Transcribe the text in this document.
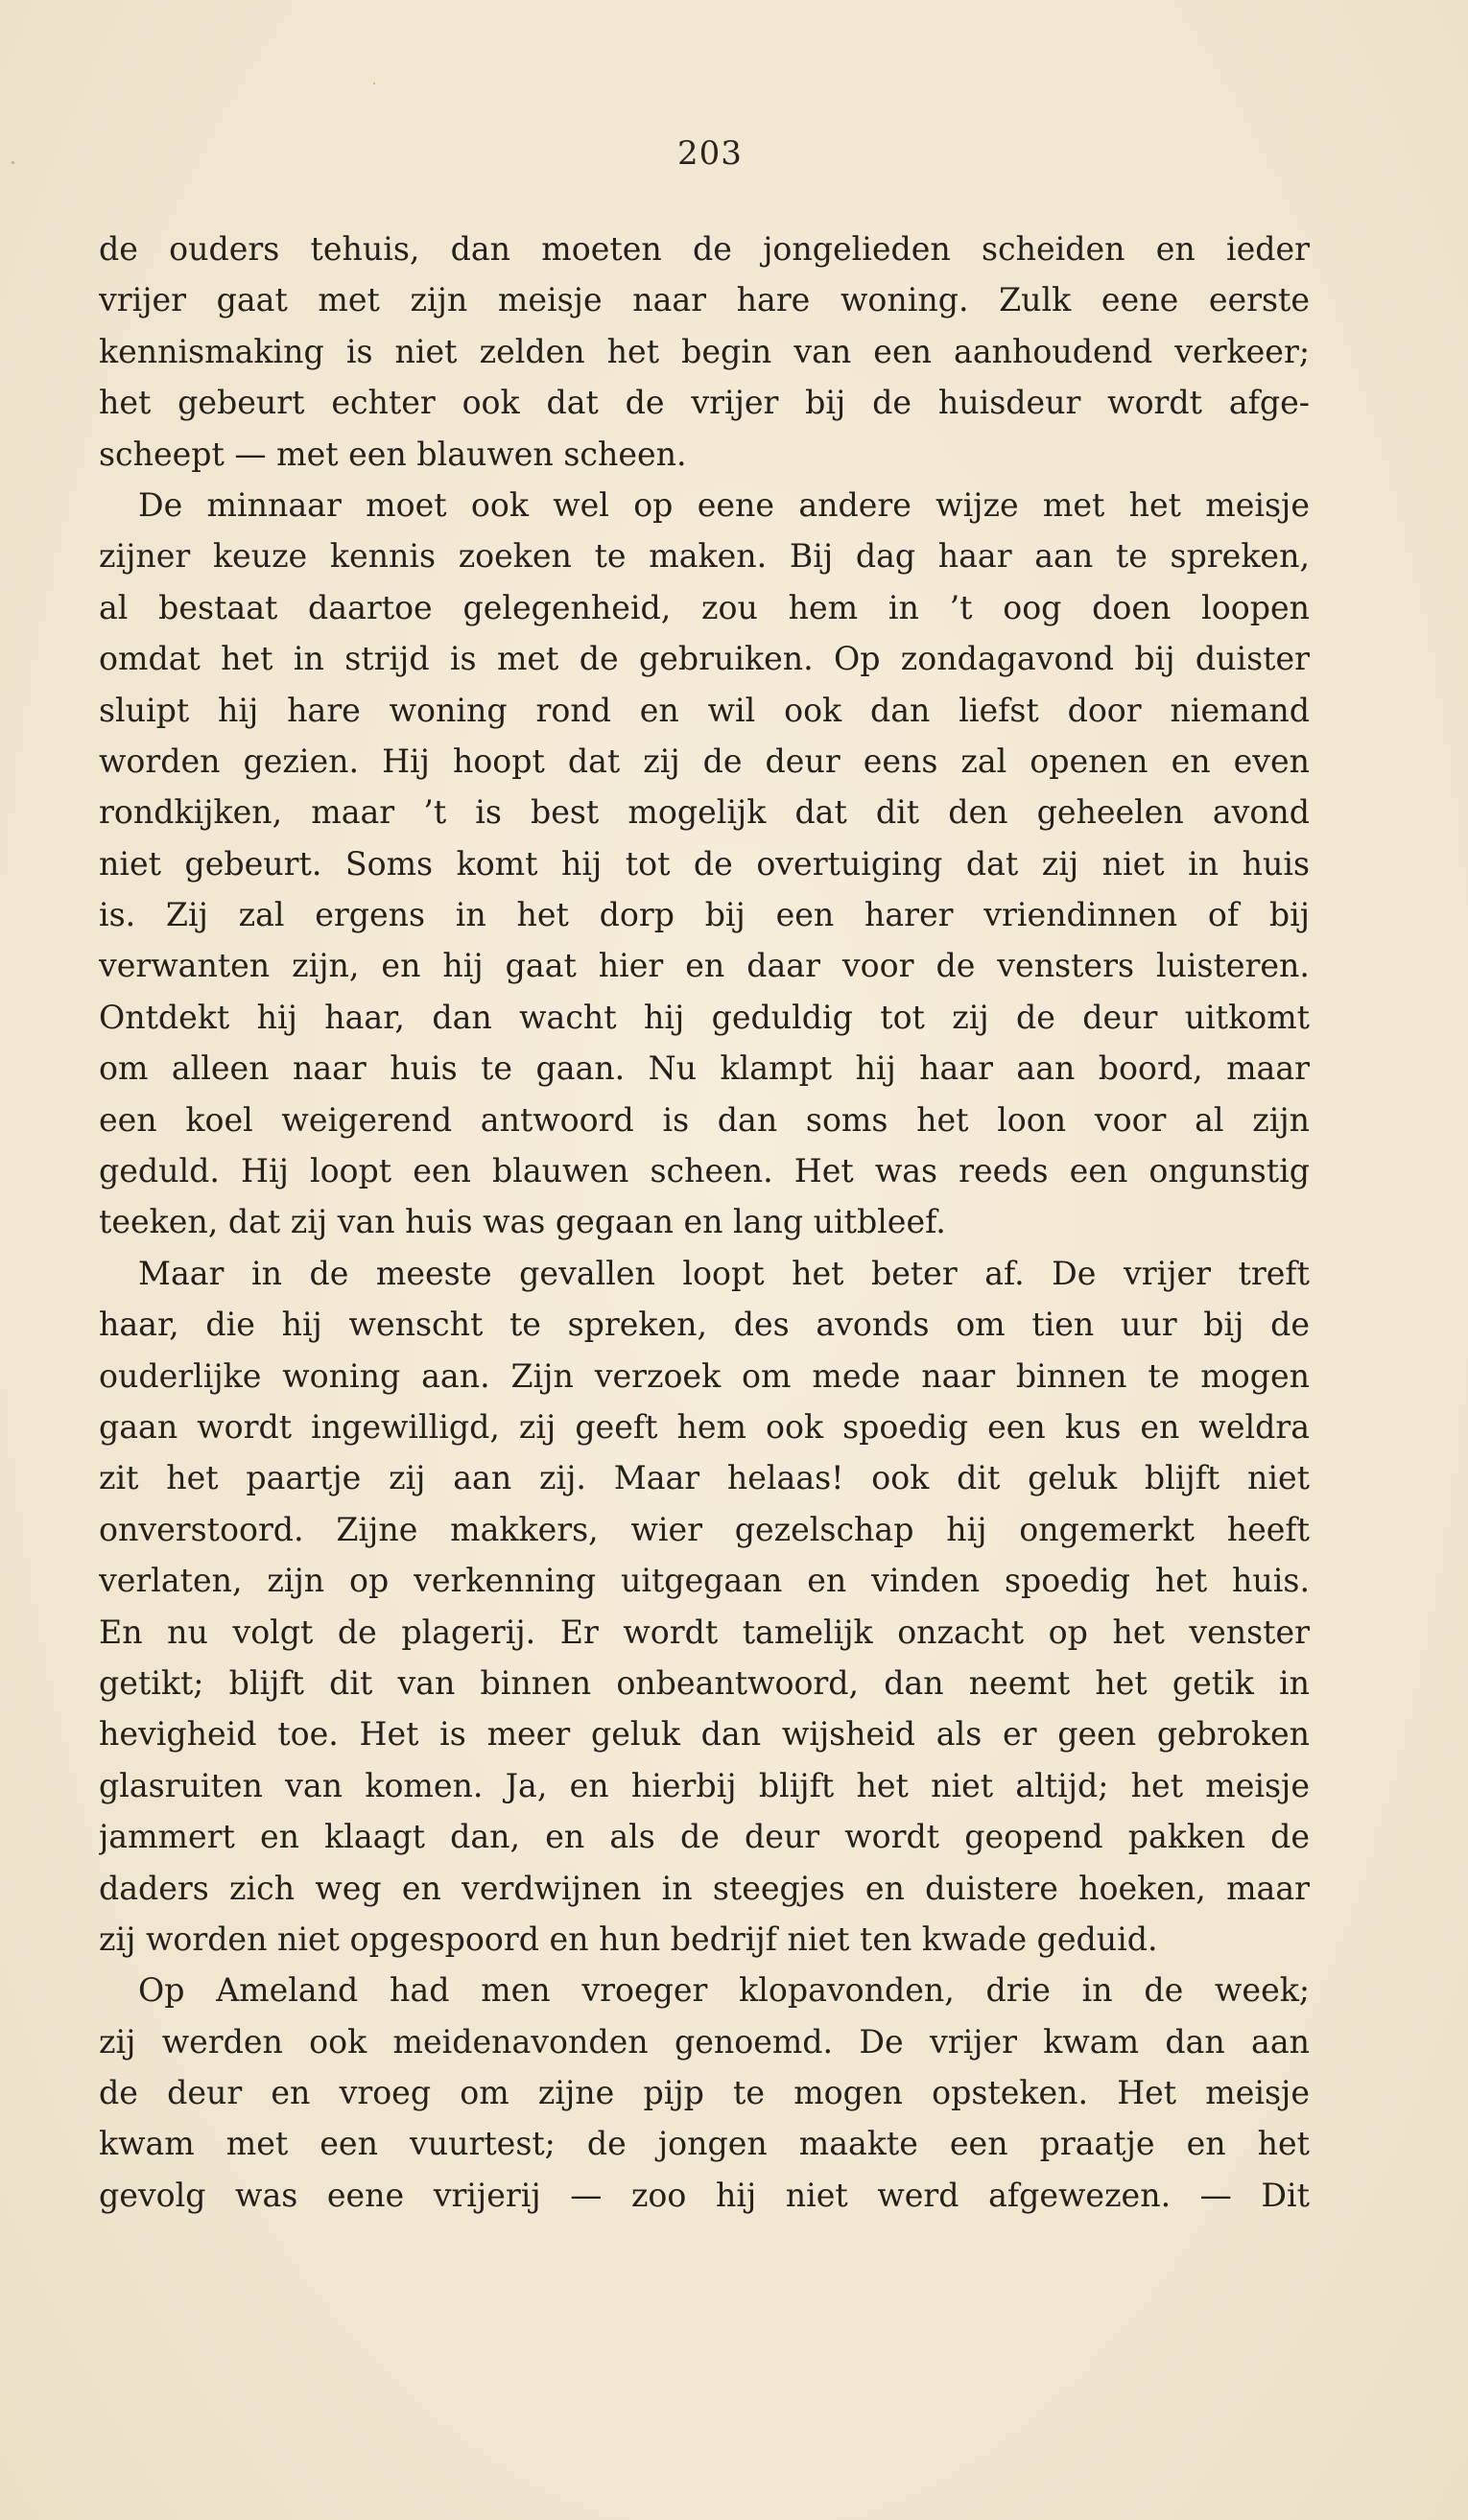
203
de ouders tehuis, dan moeten de jongelieden scheiden en ieder
vrijer gaat met zijn meisje naar hare woning. Zulk eene eerste
kennismaking is niet zelden het begin van een aanhoudend verkeer;
het gebeurt echter ook dat de vrijer bij de huisdeur wordt afge-
scheept — met een blauwen scheen.
De minnaar moet ook wel op eene andere wijze met het meisje
zijner keuze kennis zoeken te maken. Bij dag haar aan te spreken,
al bestaat daartoe gelegenheid, zou hem in ’t oog doen loopen
omdat het in strijd is met de gebruiken. Op zondagavond bij duister
sluipt hij hare woning rond en wil ook dan liefst door niemand
worden gezien. Hij hoopt dat zij de deur eens zal openen en even
rondkijken, maar ’t is best mogelijk dat dit den geheelen avond
niet gebeurt. Soms komt hij tot de overtuiging dat zij niet in huis
is. Zij zal ergens in het dorp bij een harer vriendinnen of bij
verwanten zijn, en hij gaat hier en daar voor de vensters luisteren.
Ontdekt hij haar, dan wacht hij geduldig tot zij de deur uitkomt
om alleen naar huis te gaan. Nu klampt hij haar aan boord, maar
een koel weigerend antwoord is dan soms het loon voor al zijn
geduld. Hij loopt een blauwen scheen. Het was reeds een ongunstig
teeken, dat zij van huis was gegaan en lang uitbleef.
Maar in de meeste gevallen loopt het beter af. De vrijer treft
haar, die hij wenscht te spreken, des avonds om tien uur bij de
ouderlijke woning aan. Zijn verzoek om mede naar binnen te mogen
gaan wordt ingewilligd, zij geeft hem ook spoedig een kus en weldra
zit het paartje zij aan zij. Maar helaas! ook dit geluk blijft niet
onverstoord. Zijne makkers, wier gezelschap hij ongemerkt heeft
verlaten, zijn op verkenning uitgegaan en vinden spoedig het huis.
En nu volgt de plagerij. Er wordt tamelijk onzacht op het venster
getikt; blijft dit van binnen onbeantwoord, dan neemt het getik in
hevigheid toe. Het is meer geluk dan wijsheid als er geen gebroken
glasruiten van komen. Ja, en hierbij blijft het niet altijd; het meisje
jammert en klaagt dan, en als de deur wordt geopend pakken de
daders zich weg en verdwijnen in steegjes en duistere hoeken, maar
zij worden niet opgespoord en hun bedrijf niet ten kwade geduid.
Op Ameland had men vroeger klopavonden, drie in de week;
zij werden ook meidenavonden genoemd. De vrijer kwam dan aan
de deur en vroeg om zijne pijp te mogen opsteken. Het meisje
kwam met een vuurtest; de jongen maakte een praatje en het
gevolg was eene vrijerij — zoo hij niet werd afgewezen. — Dit
